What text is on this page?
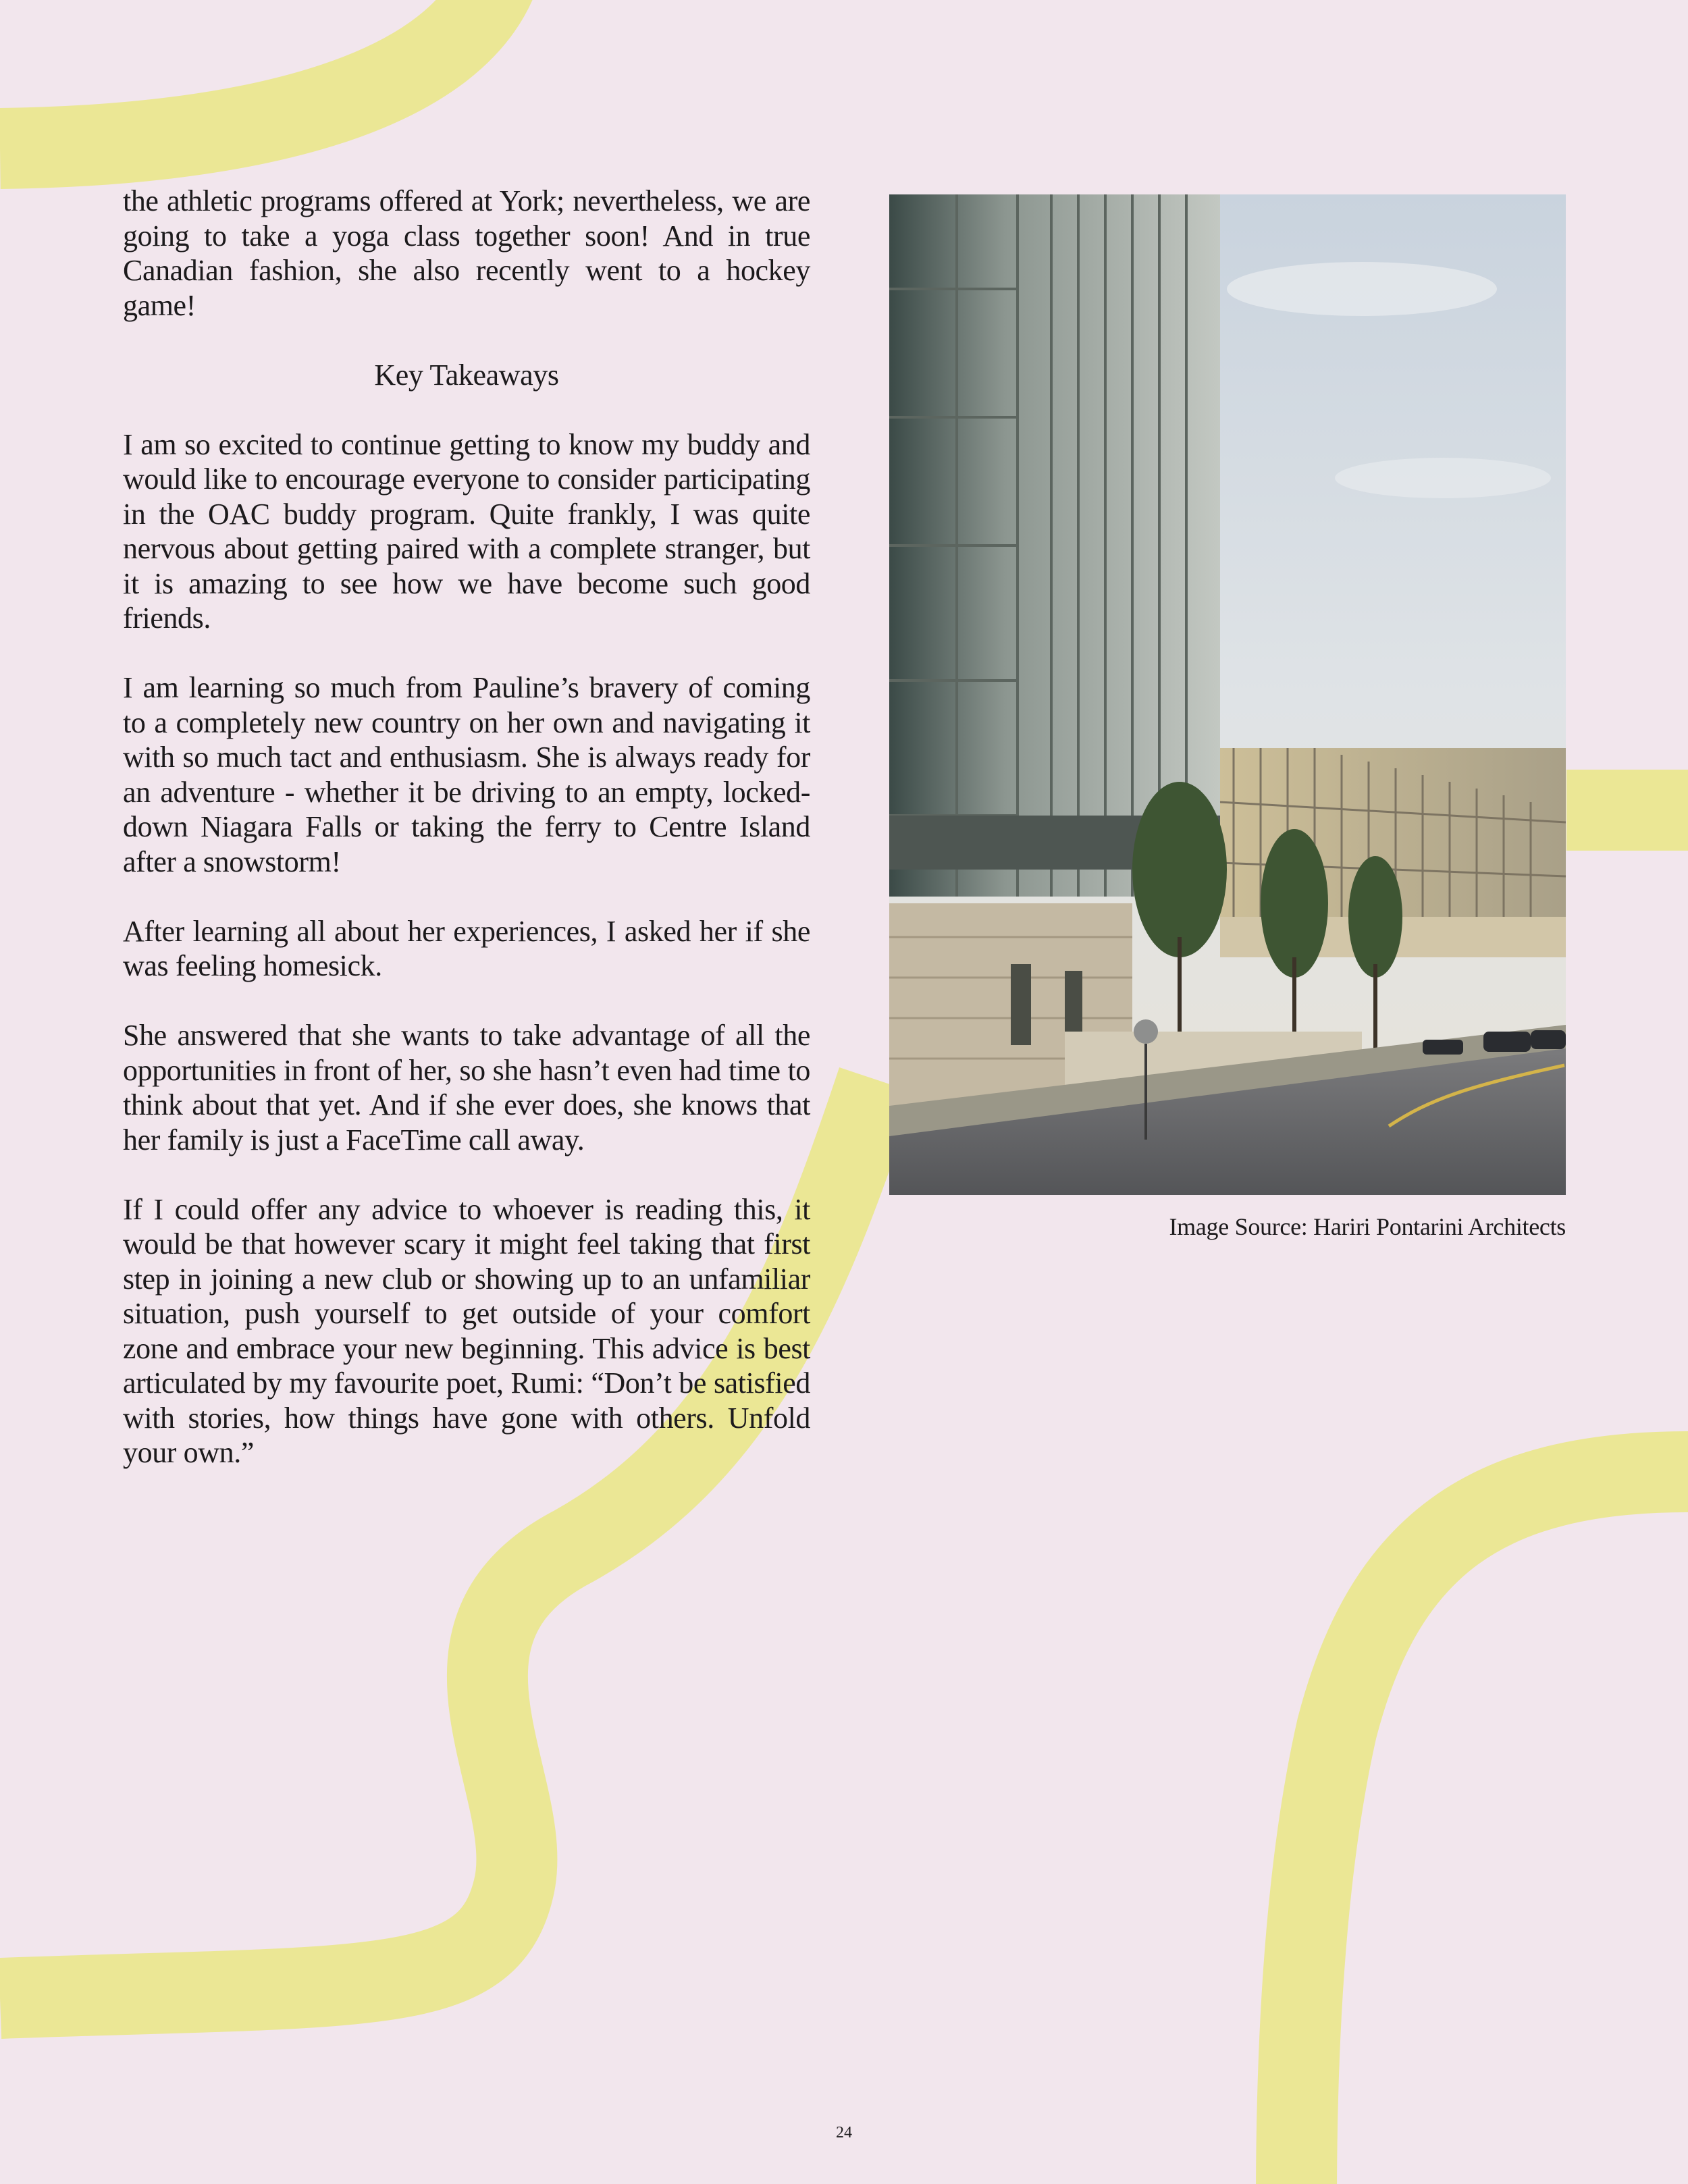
the athletic programs offered at York; nevertheless, we are going to take a yoga class together soon! And in true Canadian fashion, she also recently went to a hockey game!

Key Takeaways

I am so excited to continue getting to know my buddy and would like to encourage everyone to consider participating in the OAC buddy program. Quite frankly, I was quite nervous about getting paired with a complete stranger, but it is amazing to see how we have become such good friends.

I am learning so much from Pauline’s bravery of coming to a completely new country on her own and navigating it with so much tact and enthusiasm. She is always ready for an adventure - whether it be driving to an empty, locked-down Niagara Falls or taking the ferry to Centre Island after a snowstorm!

After learning all about her experiences, I asked her if she was feeling homesick.

She answered that she wants to take advantage of all the opportunities in front of her, so she hasn’t even had time to think about that yet. And if she ever does, she knows that her family is just a FaceTime call away.

If I could offer any advice to whoever is reading this, it would be that however scary it might feel taking that first step in joining a new club or showing up to an unfamiliar situation, push yourself to get outside of your comfort zone and embrace your new beginning. This advice is best articulated by my favourite poet, Rumi: “Don’t be satisfied with stories, how things have gone with others. Unfold your own.”

Image Source: Hariri Pontarini Architects
24
